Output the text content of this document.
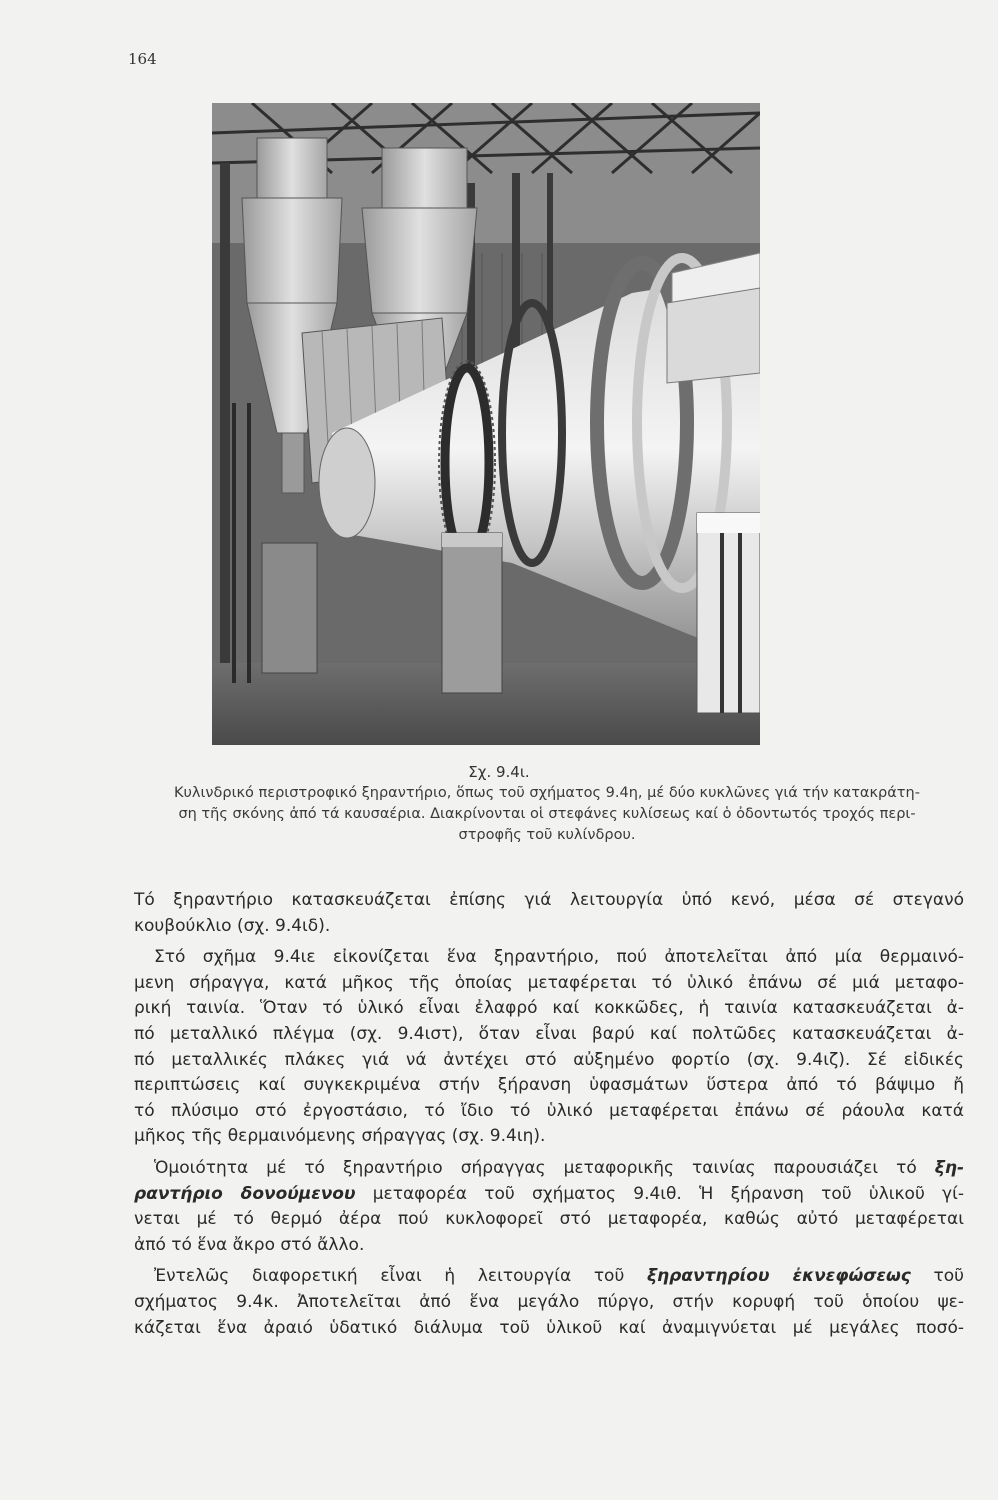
164
Σχ. 9.4ι.
Κυλινδρικό περιστροφικό ξηραντήριο, ὅπως τοῦ σχήματος 9.4η, μέ δύο κυκλῶνες γιά τήν κατακράτη-
ση τῆς σκόνης ἀπό τά καυσαέρια. Διακρίνονται οἱ στεφάνες κυλίσεως καί ὁ ὀδοντωτός τροχός περι-
στροφῆς τοῦ κυλίνδρου.
Τό ξηραντήριο κατασκευάζεται ἐπίσης γιά λειτουργία ὑπό κενό, μέσα σέ στεγανό
κουβούκλιο (σχ. 9.4ιδ).
Στό σχῆμα 9.4ιε εἰκονίζεται ἕνα ξηραντήριο, πού ἀποτελεῖται ἀπό μία θερμαινό-
μενη σήραγγα, κατά μῆκος τῆς ὁποίας μεταφέρεται τό ὑλικό ἐπάνω σέ μιά μεταφο-
ρική ταινία. Ὅταν τό ὑλικό εἶναι ἐλαφρό καί κοκκῶδες, ἡ ταινία κατασκευάζεται ἀ-
πό μεταλλικό πλέγμα (σχ. 9.4ιστ), ὅταν εἶναι βαρύ καί πολτῶδες κατασκευάζεται ἀ-
πό μεταλλικές πλάκες γιά νά ἀντέχει στό αὐξημένο φορτίο (σχ. 9.4ιζ). Σέ εἰδικές
περιπτώσεις καί συγκεκριμένα στήν ξήρανση ὑφασμάτων ὕστερα ἀπό τό βάψιμο ἤ
τό πλύσιμο στό ἐργοστάσιο, τό ἴδιο τό ὑλικό μεταφέρεται ἐπάνω σέ ράουλα κατά
μῆκος τῆς θερμαινόμενης σήραγγας (σχ. 9.4ιη).
Ὁμοιότητα μέ τό ξηραντήριο σήραγγας μεταφορικῆς ταινίας παρουσιάζει τό ξη-
ραντήριο δονούμενου μεταφορέα τοῦ σχήματος 9.4ιθ. Ἡ ξήρανση τοῦ ὑλικοῦ γί-
νεται μέ τό θερμό ἀέρα πού κυκλοφορεῖ στό μεταφορέα, καθώς αὐτό μεταφέρεται
ἀπό τό ἕνα ἄκρο στό ἄλλο.
Ἐντελῶς διαφορετική εἶναι ἡ λειτουργία τοῦ ξηραντηρίου ἐκνεφώσεως τοῦ
σχήματος 9.4κ. Ἀποτελεῖται ἀπό ἕνα μεγάλο πύργο, στήν κορυφή τοῦ ὁποίου ψε-
κάζεται ἕνα ἀραιό ὑδατικό διάλυμα τοῦ ὑλικοῦ καί ἀναμιγνύεται μέ μεγάλες ποσό-
